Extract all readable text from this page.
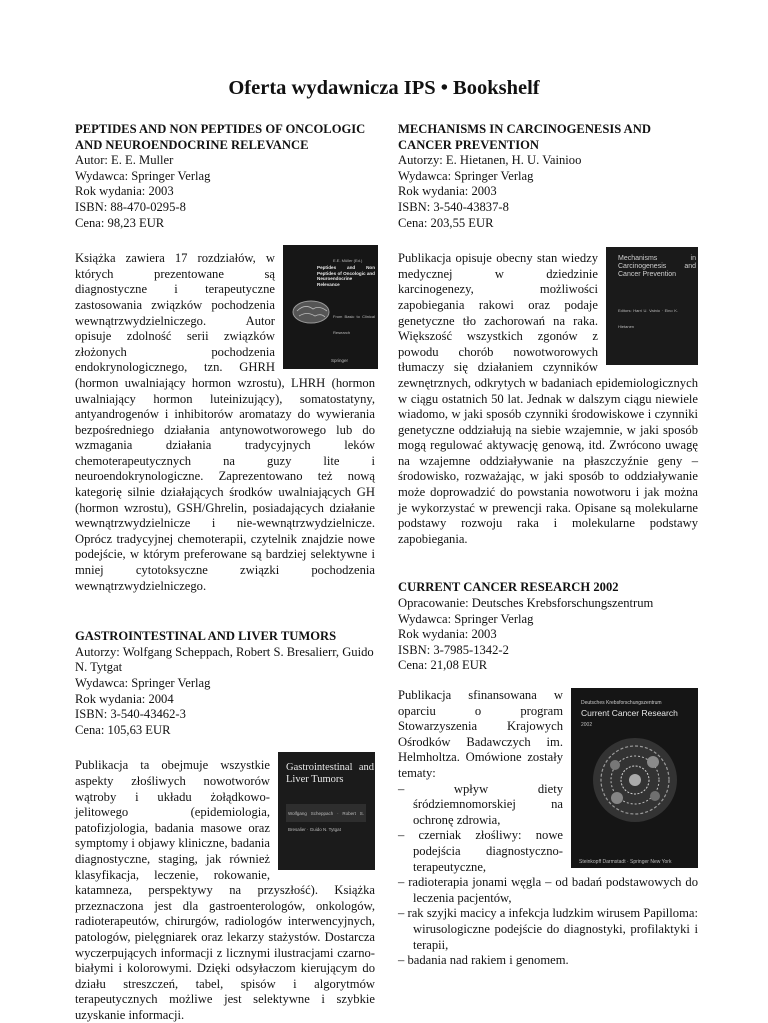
Oferta wydawnicza IPS • Bookshelf
PEPTIDES AND NON PEPTIDES OF ONCOLOGIC AND NEUROENDOCRINE RELEVANCE
Autor: E. E. Muller
Wydawca: Springer Verlag
Rok wydania: 2003
ISBN: 88-470-0295-8
Cena: 98,23 EUR
E.E. Müller (Ed.)
Peptides and Non Peptides of Oncologic and Neuroendocrine Relevance
From Basic to Clinical Research
Springer
Książka zawiera 17 rozdziałów, w których prezentowane są diagnostyczne i terapeutyczne zastosowania związków pochodzenia wewnątrzwydzielniczego. Autor opisuje zdolność serii związków złożonych pochodzenia endokrynologicznego, tzn. GHRH (hormon uwalniający hormon wzrostu), LHRH (hormon uwalniający hormon luteinizujący), somatostatyny, antyandrogenów i inhibitorów aromatazy do wywierania bezpośredniego działania antynowotworowego lub do wzmagania działania tradycyjnych leków chemoterapeutycznych na guzy lite i neuroendokrynologiczne. Zaprezentowano też nową kategorię silnie działających środków uwalniających GH (hormon wzrostu), GSH/Ghrelin, posiadających działanie wewnątrzwydzielnicze i nie-wewnątrzwydzielnicze. Oprócz tradycyjnej chemoterapii, czytelnik znajdzie nowe podejście, w którym preferowane są bardziej selektywne i mniej cytotoksyczne związki pochodzenia wewnątrzwydzielniczego.
GASTROINTESTINAL AND LIVER TUMORS
Autorzy: Wolfgang Scheppach, Robert S. Bresalierr, Guido N. Tytgat
Wydawca: Springer Verlag
Rok wydania: 2004
ISBN: 3-540-43462-3
Cena: 105,63 EUR
Gastrointestinal and Liver Tumors
Wolfgang Scheppach · Robert S. Bresalier · Guido N. Tytgat
Publikacja ta obejmuje wszystkie aspekty złośliwych nowotworów wątroby i układu żołądkowo-jelitowego (epidemiologia, patofizjologia, badania masowe oraz symptomy i objawy kliniczne, badania diagnostyczne, staging, jak również klasyfikacja, leczenie, rokowanie, katamneza, perspektywy na przyszłość). Książka przeznaczona jest dla gastroenterologów, onkologów, radioterapeutów, chirurgów, radiologów interwencyjnych, patologów, pielęgniarek oraz lekarzy stażystów. Dostarcza wyczerpujących informacji z licznymi ilustracjami czarno-białymi i kolorowymi. Dzięki odsyłaczom kierującym do działu streszczeń, tabel, spisów i algorytmów terapeutycznych możliwe jest selektywne i szybkie uzyskanie informacji.
MECHANISMS IN CARCINOGENESIS AND CANCER PREVENTION
Autorzy: E. Hietanen, H. U. Vainioo
Wydawca: Springer Verlag
Rok wydania: 2003
ISBN: 3-540-43837-8
Cena: 203,55 EUR
Mechanisms in Carcinogenesis and Cancer Prevention
Editors: Harri U. Vainio · Eino K. Hietanen
Publikacja opisuje obecny stan wiedzy medycznej w dziedzinie karcinogenezy, możliwości zapobiegania rakowi oraz podaje genetyczne tło zachorowań na raka. Większość wszystkich zgonów z powodu chorób nowotworowych tłumaczy się działaniem czynników zewnętrznych, odkrytych w badaniach epidemiologicznych w ciągu ostatnich 50 lat. Jednak w dalszym ciągu niewiele wiadomo, w jaki sposób czynniki środowiskowe i czynniki genetyczne oddziałują na siebie wzajemnie, w jaki sposób mogą regulować aktywację genową, itd. Zwrócono uwagę na wzajemne oddziaływanie na płaszczyźnie geny – środowisko, rozważając, w jaki sposób to oddziaływanie może doprowadzić do powstania nowotworu i jak można je wykorzystać w prewencji raka. Opisane są molekularne podstawy rozwoju raka i molekularne podstawy zapobiegania.
CURRENT CANCER RESEARCH 2002
Opracowanie: Deutsches Krebsforschungszentrum
Wydawca: Springer Verlag
Rok wydania: 2003
ISBN: 3-7985-1342-2
Cena: 21,08 EUR
Deutsches Krebsforschungszentrum
Current Cancer Research
2002
Steinkopff Darmstadt · Springer New York
Publikacja sfinansowana w oparciu o program Stowarzyszenia Krajowych Ośrodków Badawczych im. Helmholtza. Omówione zostały tematy:
– wpływ diety śródziemnomorskiej na ochronę zdrowia,
– czerniak złośliwy: nowe podejścia diagnostyczno-terapeutyczne,
– radioterapia jonami węgla – od badań podstawowych do leczenia pacjentów,
– rak szyjki macicy a infekcja ludzkim wirusem Papilloma: wirusologiczne podejście do diagnostyki, profilaktyki i terapii,
– badania nad rakiem i genomem.
